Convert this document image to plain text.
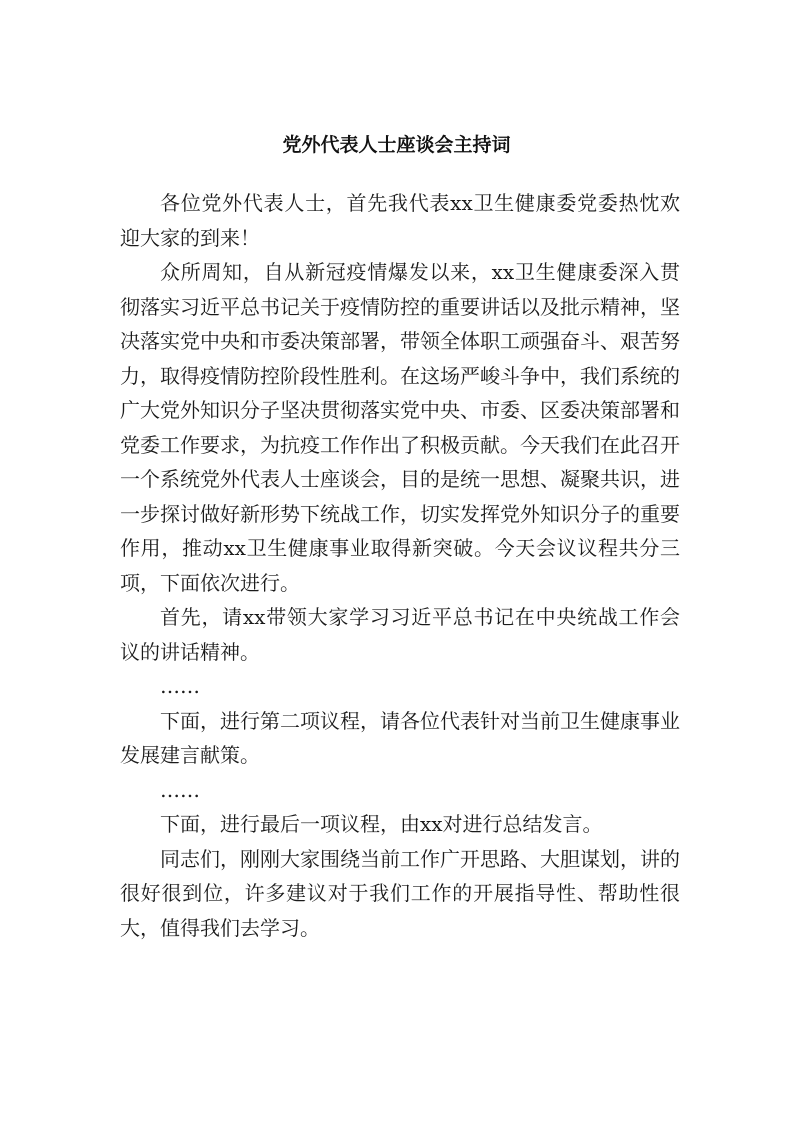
党外代表人士座谈会主持词

各位党外代表人士，首先我代表xx卫生健康委党委热忱欢迎大家的到来！

众所周知，自从新冠疫情爆发以来，xx卫生健康委深入贯彻落实习近平总书记关于疫情防控的重要讲话以及批示精神，坚决落实党中央和市委决策部署，带领全体职工顽强奋斗、艰苦努力，取得疫情防控阶段性胜利。在这场严峻斗争中，我们系统的广大党外知识分子坚决贯彻落实党中央、市委、区委决策部署和党委工作要求，为抗疫工作作出了积极贡献。今天我们在此召开一个系统党外代表人士座谈会，目的是统一思想、凝聚共识，进一步探讨做好新形势下统战工作，切实发挥党外知识分子的重要作用，推动xx卫生健康事业取得新突破。今天会议议程共分三项，下面依次进行。

首先，请xx带领大家学习习近平总书记在中央统战工作会议的讲话精神。

……

下面，进行第二项议程，请各位代表针对当前卫生健康事业发展建言献策。

……

下面，进行最后一项议程，由xx对进行总结发言。

同志们，刚刚大家围绕当前工作广开思路、大胆谋划，讲的很好很到位，许多建议对于我们工作的开展指导性、帮助性很大，值得我们去学习。
